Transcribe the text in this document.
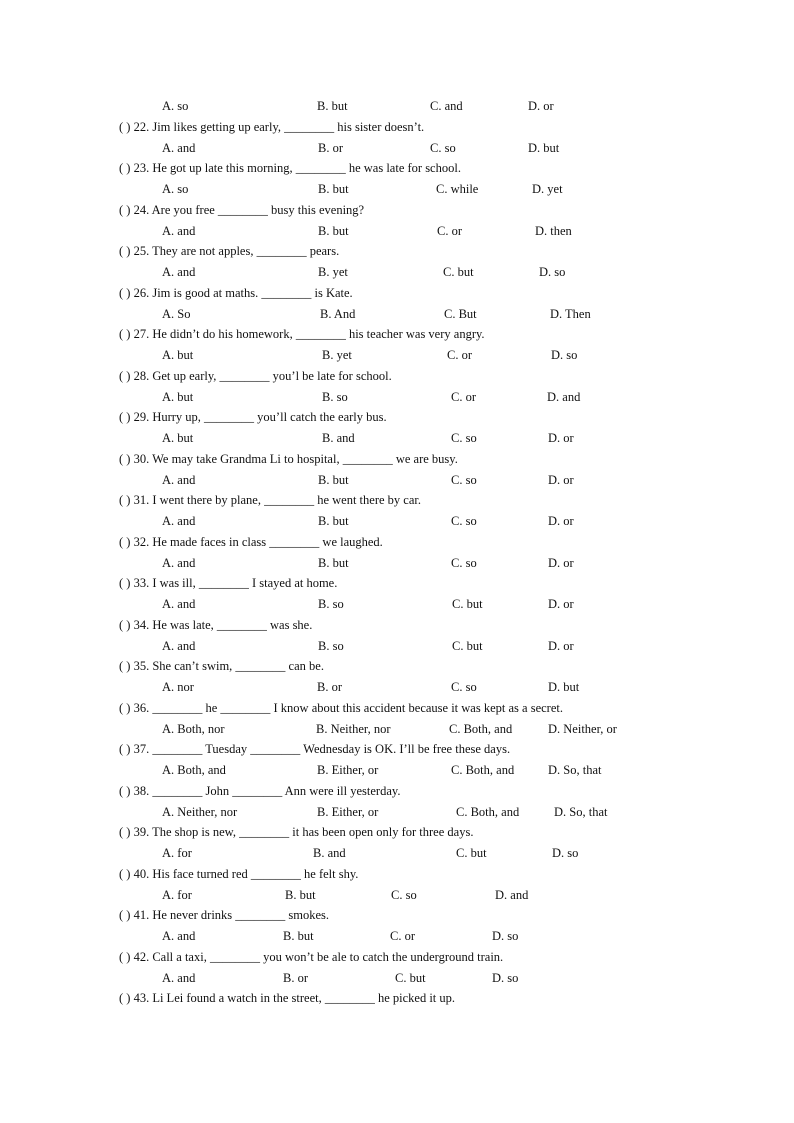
A. so	B. but	C. and	D. or
( ) 22. Jim likes getting up early, ________ his sister doesn’t.
A. and	B. or	C. so	D. but
( ) 23. He got up late this morning, ________ he was late for school.
A. so	B. but	C. while	D. yet
( ) 24. Are you free ________ busy this evening?
A. and	B. but	C. or	D. then
( ) 25. They are not apples, ________ pears.
A. and	B. yet	C. but	D. so
( ) 26. Jim is good at maths. ________ is Kate.
A. So	B. And	C. But	D. Then
( ) 27. He didn’t do his homework, ________ his teacher was very angry.
A. but	B. yet	C. or	D. so
( ) 28. Get up early, ________ you’l be late for school.
A. but	B. so	C. or	D. and
( ) 29. Hurry up, ________ you’ll catch the early bus.
A. but	B. and	C. so	D. or
( ) 30. We may take Grandma Li to hospital, ________ we are busy.
A. and	B. but	C. so	D. or
( ) 31. I went there by plane, ________ he went there by car.
A. and	B. but	C. so	D. or
( ) 32. He made faces in class ________ we laughed.
A. and	B. but	C. so	D. or
( ) 33. I was ill, ________ I stayed at home.
A. and	B. so	C. but	D. or
( ) 34. He was late, ________ was she.
A. and	B. so	C. but	D. or
( ) 35. She can’t swim, ________ can be.
A. nor	B. or	C. so	D. but
( ) 36. ________ he ________ I know about this accident because it was kept as a secret.
A. Both, nor	B. Neither, nor	C. Both, and	D. Neither, or
( ) 37. ________ Tuesday ________ Wednesday is OK. I’ll be free these days.
A. Both, and	B. Either, or	C. Both, and	D. So, that
( ) 38. ________ John ________ Ann were ill yesterday.
A. Neither, nor	B. Either, or	C. Both, and	D. So, that
( ) 39. The shop is new, ________ it has been open only for three days.
A. for	B. and	C. but	D. so
( ) 40. His face turned red ________ he felt shy.
A. for	B. but	C. so	D. and
( ) 41. He never drinks ________ smokes.
A. and	B. but	C. or	D. so
( ) 42. Call a taxi, ________ you won’t be ale to catch the underground train.
A. and	B. or	C. but	D. so
( ) 43. Li Lei found a watch in the street, ________ he picked it up.
